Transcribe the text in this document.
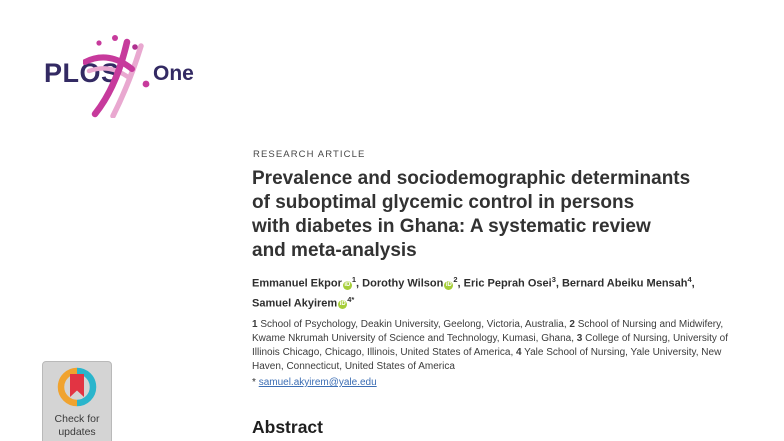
PLOS One
RESEARCH ARTICLE
Prevalence and sociodemographic determinants
of suboptimal glycemic control in persons
with diabetes in Ghana: A systematic review
and meta-analysis
Emmanuel Ekpor $iD^1$, Dorothy Wilson $iD^2$, Eric Peprah Osei$^3$, Bernard Abeiku Mensah$^4$,
Samuel Akyirem $iD^{4*}$
1 School of Psychology, Deakin University, Geelong, Victoria, Australia, 2 School of Nursing and Midwifery, Kwame Nkrumah University of Science and Technology, Kumasi, Ghana, 3 College of Nursing, University of Illinois Chicago, Chicago, Illinois, United States of America, 4 Yale School of Nursing, Yale University, New Haven, Connecticut, United States of America
* samuel.akyirem@yale.edu
Abstract
Check for
updates
